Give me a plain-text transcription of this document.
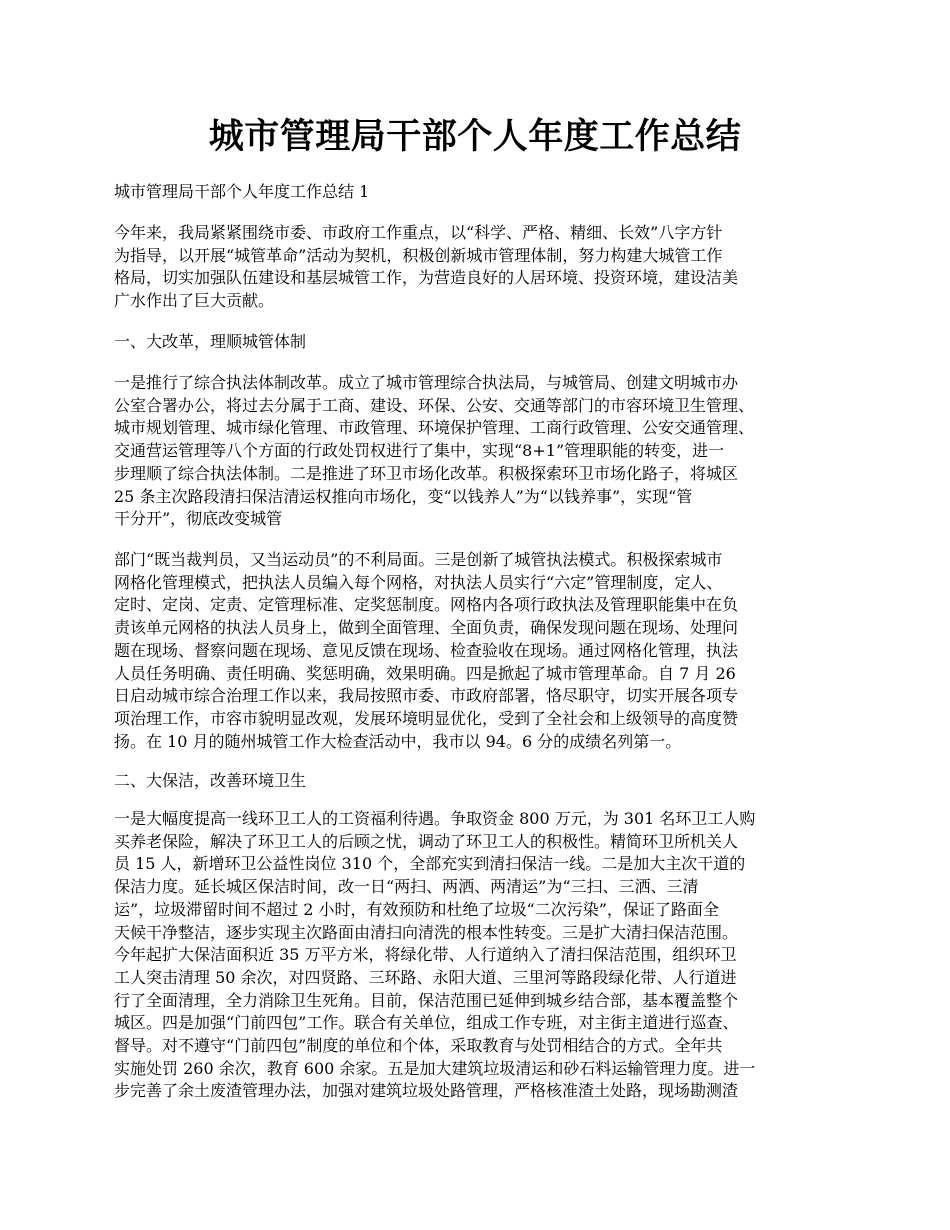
城市管理局干部个人年度工作总结
城市管理局干部个人年度工作总结 1
今年来，我局紧紧围绕市委、市政府工作重点，以“科学、严格、精细、长效”八字方针
为指导，以开展“城管革命”活动为契机，积极创新城市管理体制，努力构建大城管工作
格局，切实加强队伍建设和基层城管工作，为营造良好的人居环境、投资环境，建设洁美
广水作出了巨大贡献。
一、大改革，理顺城管体制
一是推行了综合执法体制改革。成立了城市管理综合执法局，与城管局、创建文明城市办
公室合署办公，将过去分属于工商、建设、环保、公安、交通等部门的市容环境卫生管理、
城市规划管理、城市绿化管理、市政管理、环境保护管理、工商行政管理、公安交通管理、
交通营运管理等八个方面的行政处罚权进行了集中，实现“8+1”管理职能的转变，进一
步理顺了综合执法体制。二是推进了环卫市场化改革。积极探索环卫市场化路子，将城区
25 条主次路段清扫保洁清运权推向市场化，变“以钱养人”为“以钱养事”，实现“管
干分开”，彻底改变城管
部门“既当裁判员，又当运动员”的不利局面。三是创新了城管执法模式。积极探索城市
网格化管理模式，把执法人员编入每个网格，对执法人员实行“六定”管理制度，定人、
定时、定岗、定责、定管理标准、定奖惩制度。网格内各项行政执法及管理职能集中在负
责该单元网格的执法人员身上，做到全面管理、全面负责，确保发现问题在现场、处理问
题在现场、督察问题在现场、意见反馈在现场、检查验收在现场。通过网格化管理，执法
人员任务明确、责任明确、奖惩明确，效果明确。四是掀起了城市管理革命。自 7 月 26
日启动城市综合治理工作以来，我局按照市委、市政府部署，恪尽职守，切实开展各项专
项治理工作，市容市貌明显改观，发展环境明显优化，受到了全社会和上级领导的高度赞
扬。在 10 月的随州城管工作大检查活动中，我市以 94。6 分的成绩名列第一。
二、大保洁，改善环境卫生
一是大幅度提高一线环卫工人的工资福利待遇。争取资金 800 万元，为 301 名环卫工人购
买养老保险，解决了环卫工人的后顾之忧，调动了环卫工人的积极性。精简环卫所机关人
员 15 人，新增环卫公益性岗位 310 个，全部充实到清扫保洁一线。二是加大主次干道的
保洁力度。延长城区保洁时间，改一日“两扫、两洒、两清运”为“三扫、三洒、三清
运”，垃圾滞留时间不超过 2 小时，有效预防和杜绝了垃圾“二次污染”，保证了路面全
天候干净整洁，逐步实现主次路面由清扫向清洗的根本性转变。三是扩大清扫保洁范围。
今年起扩大保洁面积近 35 万平方米，将绿化带、人行道纳入了清扫保洁范围，组织环卫
工人突击清理 50 余次，对四贤路、三环路、永阳大道、三里河等路段绿化带、人行道进
行了全面清理，全力消除卫生死角。目前，保洁范围已延伸到城乡结合部，基本覆盖整个
城区。四是加强“门前四包”工作。联合有关单位，组成工作专班，对主街主道进行巡查、
督导。对不遵守“门前四包”制度的单位和个体，采取教育与处罚相结合的方式。全年共
实施处罚 260 余次，教育 600 余家。五是加大建筑垃圾清运和砂石料运输管理力度。进一
步完善了余土废渣管理办法，加强对建筑垃圾处路管理，严格核准渣土处路，现场勘测渣
